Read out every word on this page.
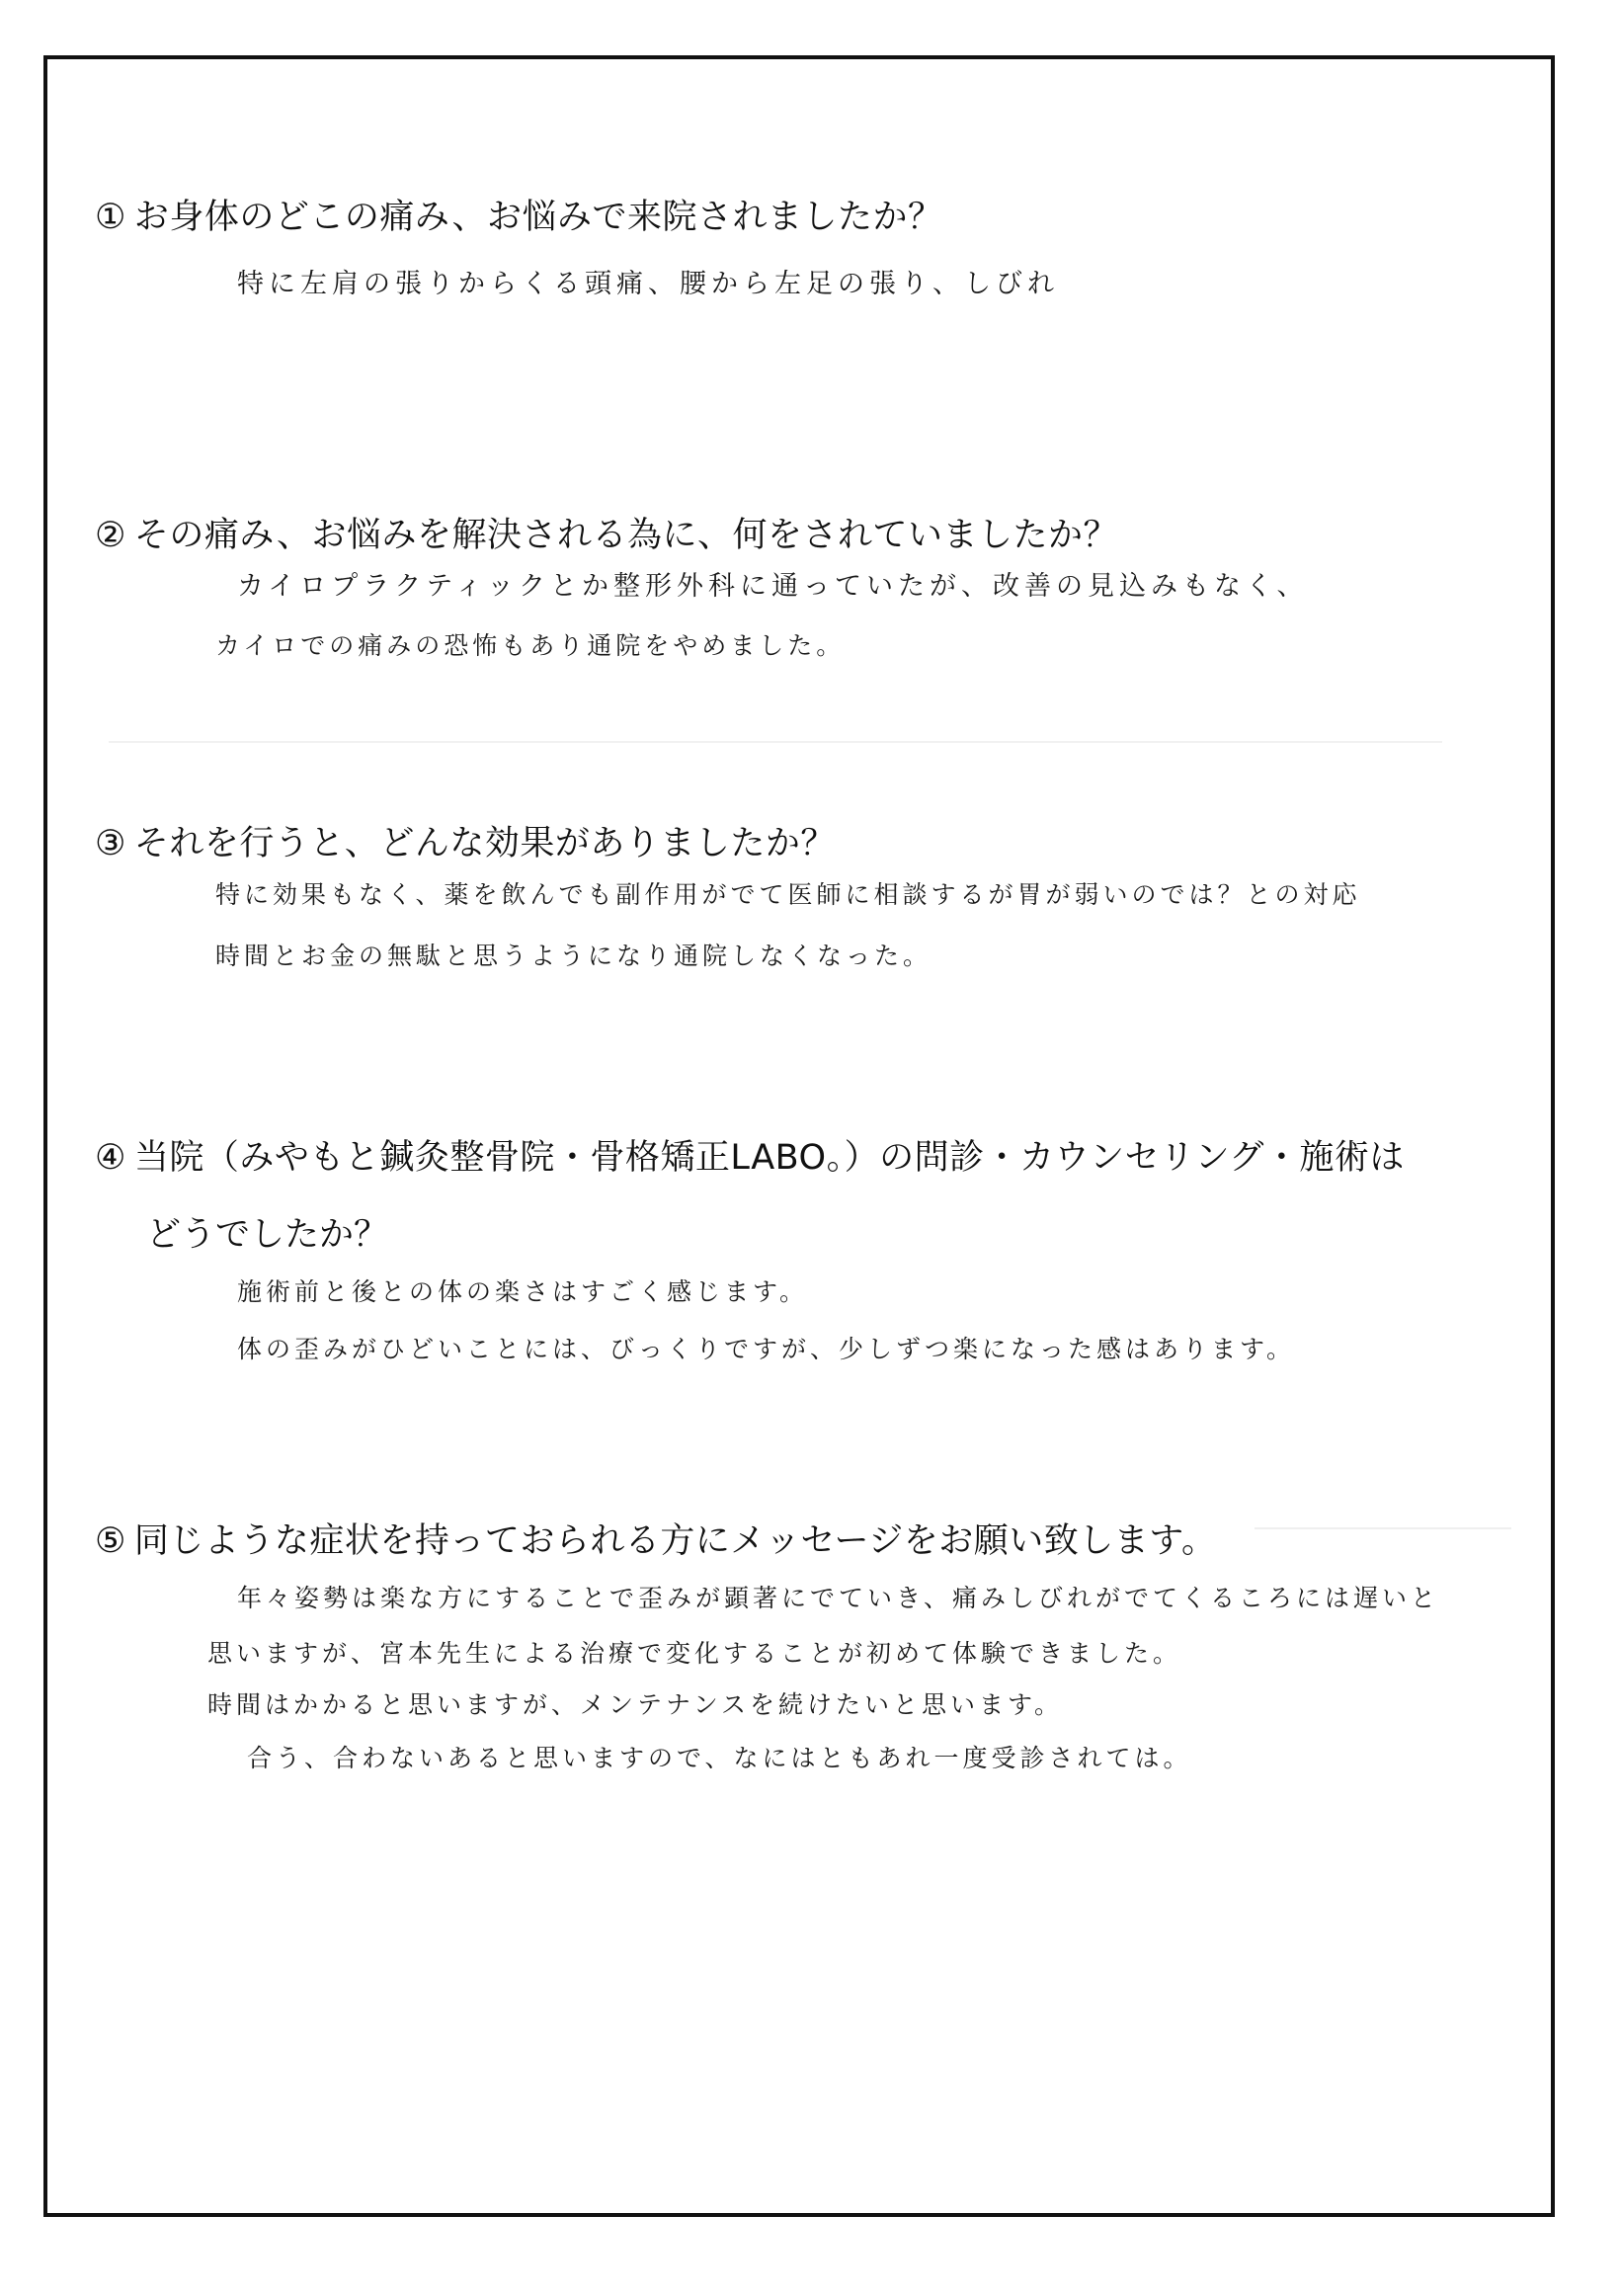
① お身体のどこの痛み、お悩みで来院されましたか？
特に左肩の張りからくる頭痛、腰から左足の張り、しびれ
② その痛み、お悩みを解決される為に、何をされていましたか？
カイロプラクティックとか整形外科に通っていたが、改善の見込みもなく、
カイロでの痛みの恐怖もあり通院をやめました。
③ それを行うと、どんな効果がありましたか？
特に効果もなく、薬を飲んでも副作用がでて医師に相談するが胃が弱いのでは？との対応
時間とお金の無駄と思うようになり通院しなくなった。
④ 当院（みやもと鍼灸整骨院・骨格矯正LABO。）の問診・カウンセリング・施術は
どうでしたか？
施術前と後との体の楽さはすごく感じます。
体の歪みがひどいことには、びっくりですが、少しずつ楽になった感はあります。
⑤ 同じような症状を持っておられる方にメッセージをお願い致します。
年々姿勢は楽な方にすることで歪みが顕著にでていき、痛みしびれがでてくるころには遅いと
思いますが、宮本先生による治療で変化することが初めて体験できました。
時間はかかると思いますが、メンテナンスを続けたいと思います。
合う、合わないあると思いますので、なにはともあれ一度受診されては。
